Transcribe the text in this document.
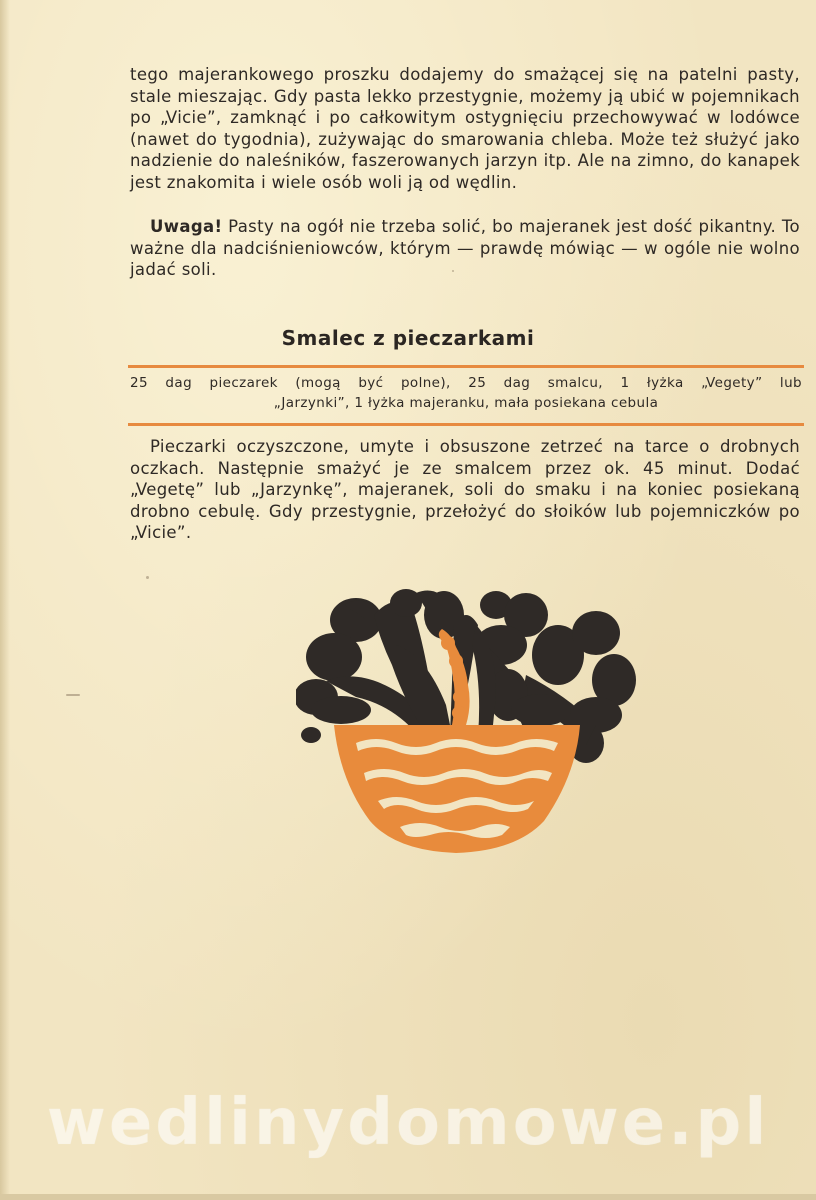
tego majerankowego proszku dodajemy do smażącej się na patelni pasty, stale mieszając. Gdy pasta lekko przestygnie, możemy ją ubić w pojemnikach po „Vicie”, zamknąć i po całkowitym ostygnięciu przechowywać w lodówce (nawet do tygodnia), zużywając do smarowania chleba. Może też służyć jako nadzienie do naleśników, faszerowanych jarzyn itp. Ale na zimno, do kanapek jest znakomita i wiele osób woli ją od wędlin.

Uwaga! Pasty na ogół nie trzeba solić, bo majeranek jest dość pikantny. To ważne dla nadciśnieniowców, którym — prawdę mówiąc — w ogóle nie wolno jadać soli.

Smalec z pieczarkami
25 dag pieczarek (mogą być polne), 25 dag smalcu, 1 łyżka „Vegety” lub
„Jarzynki”, 1 łyżka majeranku, mała posiekana cebula

Pieczarki oczyszczone, umyte i obsuszone zetrzeć na tarce o drobnych oczkach. Następnie smażyć je ze smalcem przez ok. 45 minut. Dodać „Vegetę” lub „Jarzynkę”, majeranek, soli do smaku i na koniec posiekaną drobno cebulę. Gdy przestygnie, przełożyć do słoików lub pojemniczków po „Vicie”.

wedlinydomowe.pl
